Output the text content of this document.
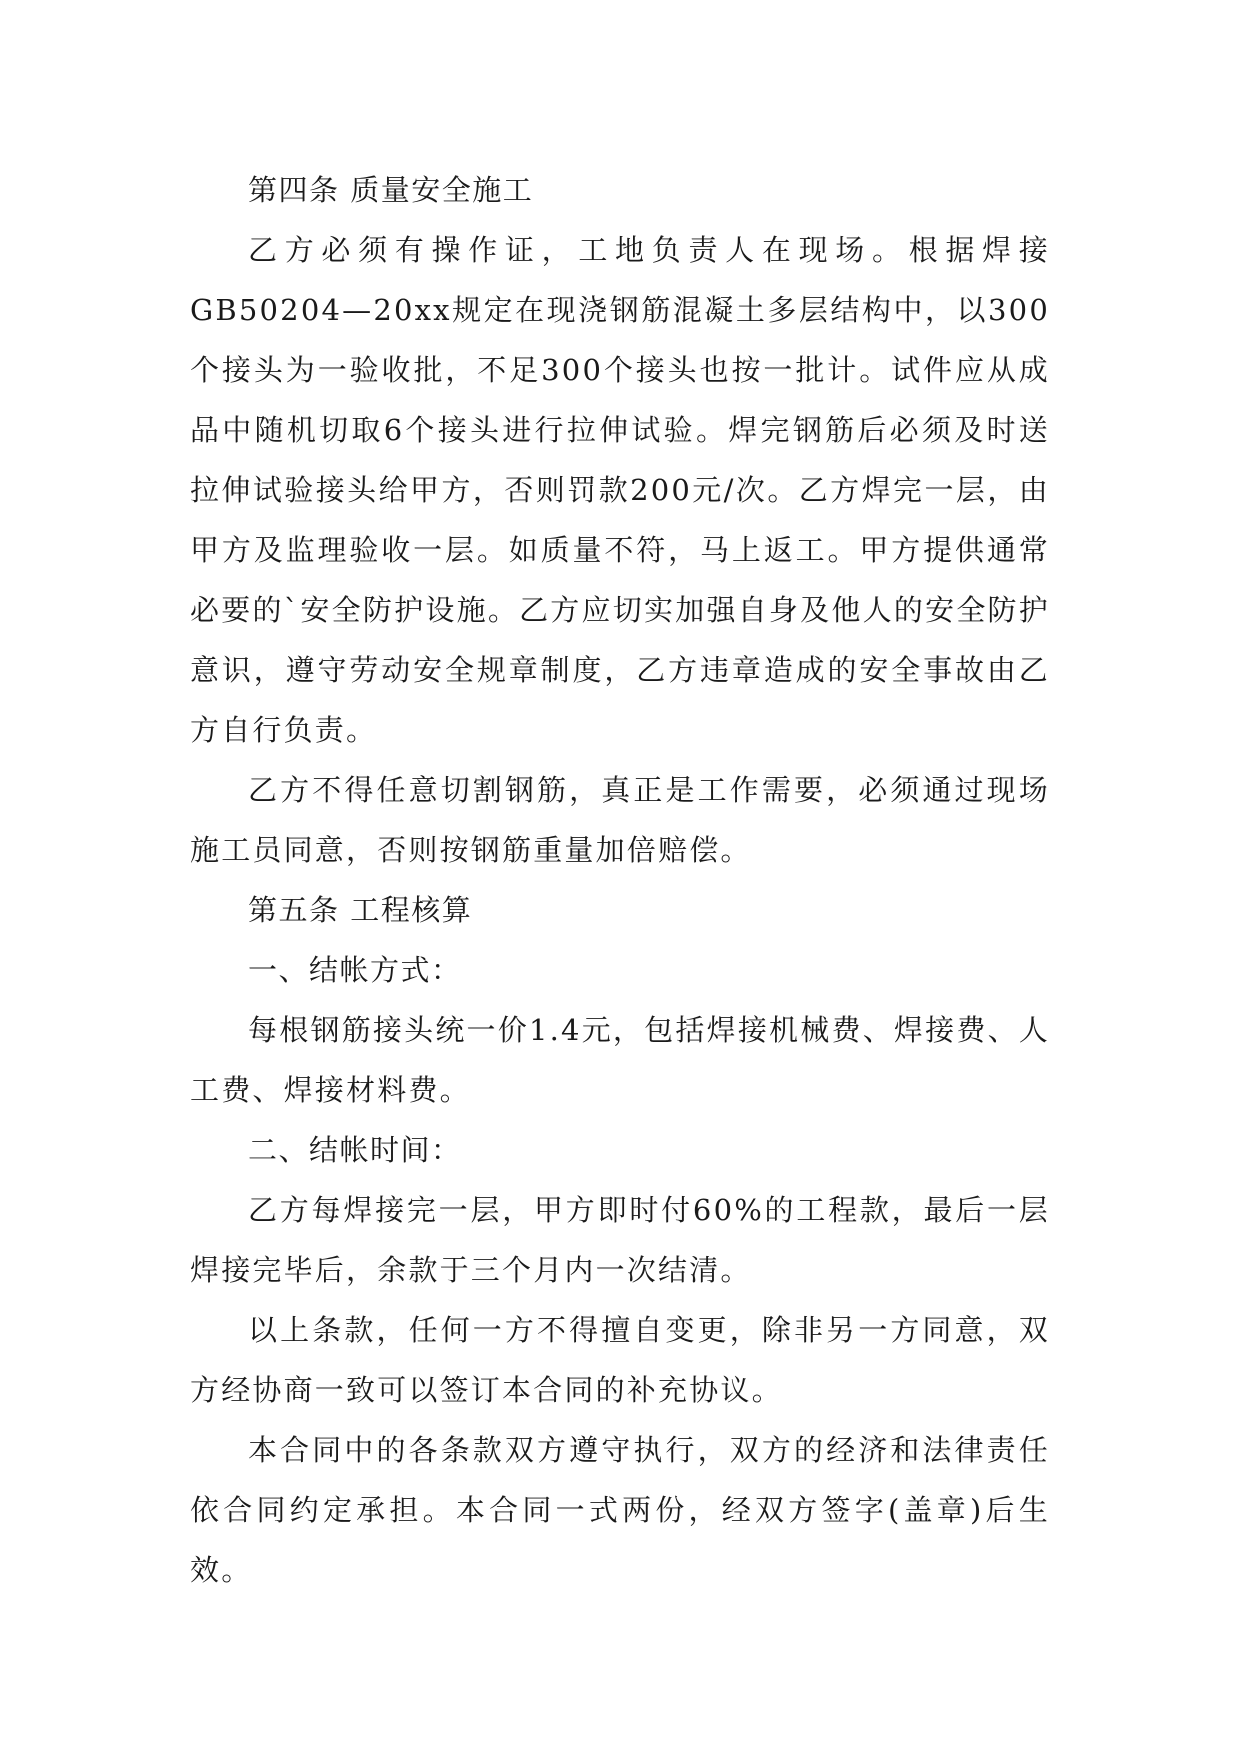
第四条 质量安全施工

乙方必须有操作证，工地负责人在现场。根据焊接GB50204—20xx规定在现浇钢筋混凝土多层结构中，以300个接头为一验收批，不足300个接头也按一批计。试件应从成品中随机切取6个接头进行拉伸试验。焊完钢筋后必须及时送拉伸试验接头给甲方，否则罚款200元/次。乙方焊完一层，由甲方及监理验收一层。如质量不符，马上返工。甲方提供通常必要的`安全防护设施。乙方应切实加强自身及他人的安全防护意识，遵守劳动安全规章制度，乙方违章造成的安全事故由乙方自行负责。

乙方不得任意切割钢筋，真正是工作需要，必须通过现场施工员同意，否则按钢筋重量加倍赔偿。

第五条 工程核算

一、结帐方式：

每根钢筋接头统一价1.4元，包括焊接机械费、焊接费、人工费、焊接材料费。

二、结帐时间：

乙方每焊接完一层，甲方即时付60%的工程款，最后一层焊接完毕后，余款于三个月内一次结清。

以上条款，任何一方不得擅自变更，除非另一方同意，双方经协商一致可以签订本合同的补充协议。

本合同中的各条款双方遵守执行，双方的经济和法律责任依合同约定承担。本合同一式两份，经双方签字(盖章)后生效。
